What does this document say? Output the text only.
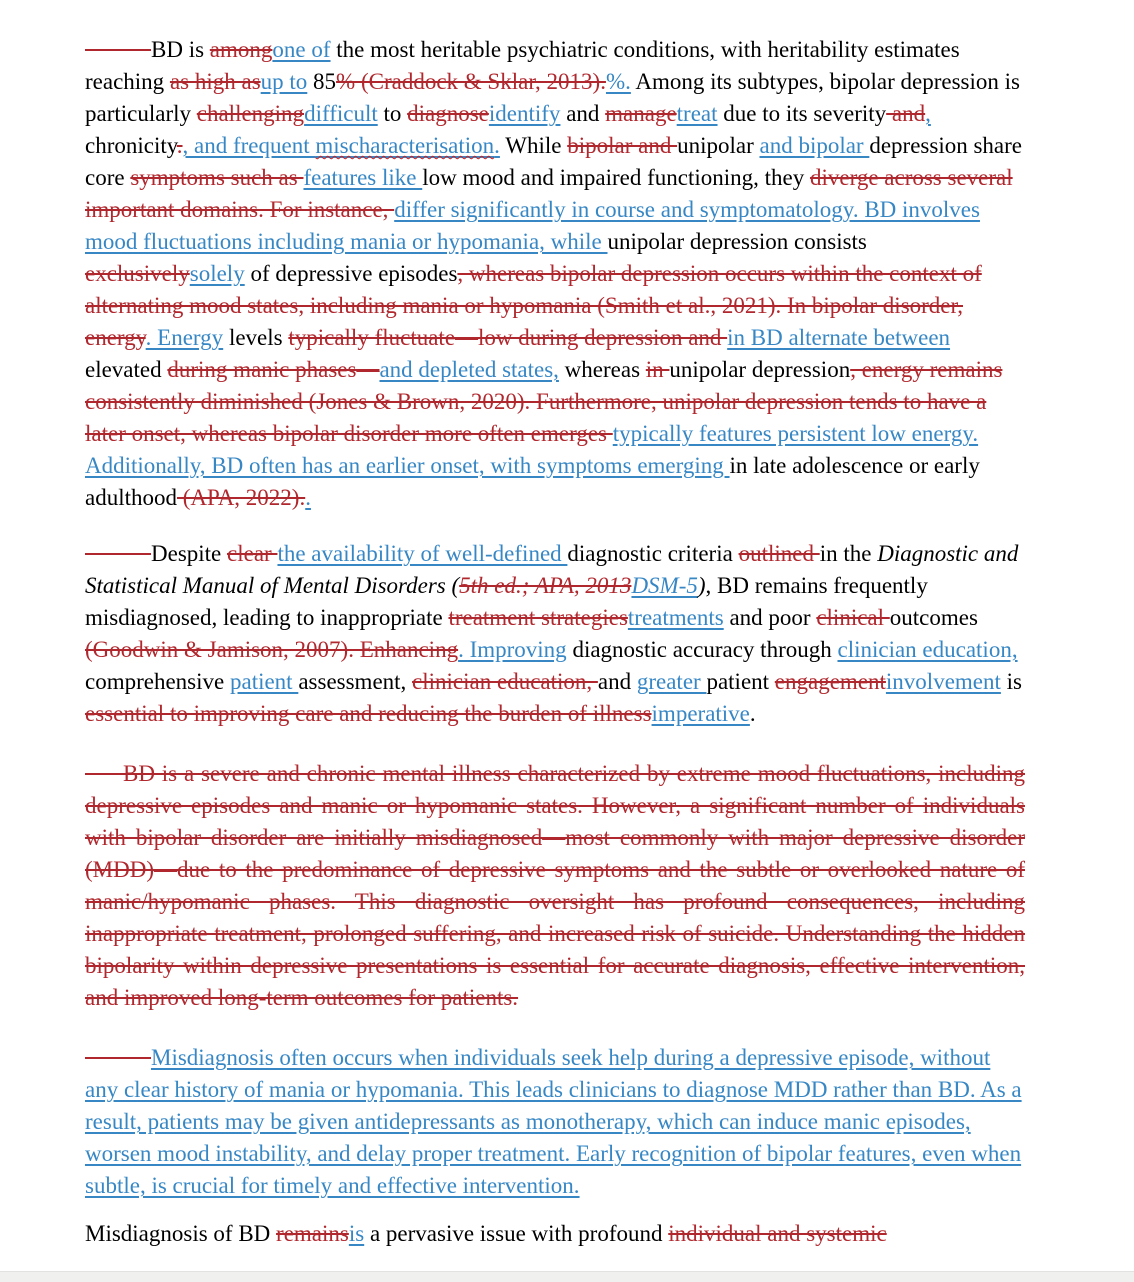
BD is amongone of the most heritable psychiatric conditions, with heritability estimates reaching as high asup to 85% (Craddock & Sklar, 2013).%. Among its subtypes, bipolar depression is particularly challengingdifficult to diagnoseidentify and managetreat due to its severity and, chronicity., and frequent mischaracterisation. While bipolar and unipolar and bipolar depression share core symptoms such as features like low mood and impaired functioning, they diverge across several important domains. For instance, differ significantly in course and symptomatology. BD involves mood fluctuations including mania or hypomania, while unipolar depression consists exclusivelysolely of depressive episodes, whereas bipolar depression occurs within the context of alternating mood states, including mania or hypomania (Smith et al., 2021). In bipolar disorder, energy. Energy levels typically fluctuate—low during depression and in BD alternate between elevated during manic phases—and depleted states, whereas in unipolar depression, energy remains consistently diminished (Jones & Brown, 2020). Furthermore, unipolar depression tends to have a later onset, whereas bipolar disorder more often emerges typically features persistent low energy. Additionally, BD often has an earlier onset, with symptoms emerging in late adolescence or early adulthood (APA, 2022)..

Despite clear the availability of well-defined diagnostic criteria outlined in the Diagnostic and Statistical Manual of Mental Disorders (5th ed.; APA, 2013DSM-5), BD remains frequently misdiagnosed, leading to inappropriate treatment strategiestreatments and poor clinical outcomes (Goodwin & Jamison, 2007). Enhancing. Improving diagnostic accuracy through clinician education, comprehensive patient assessment, clinician education, and greater patient engagementinvolvement is essential to improving care and reducing the burden of illnessimperative.

BD is a severe and chronic mental illness characterized by extreme mood fluctuations, including depressive episodes and manic or hypomanic states. However, a significant number of individuals with bipolar disorder are initially misdiagnosed—most commonly with major depressive disorder (MDD)—due to the predominance of depressive symptoms and the subtle or overlooked nature of manic/hypomanic phases. This diagnostic oversight has profound consequences, including inappropriate treatment, prolonged suffering, and increased risk of suicide. Understanding the hidden bipolarity within depressive presentations is essential for accurate diagnosis, effective intervention, and improved long-term outcomes for patients.

Misdiagnosis often occurs when individuals seek help during a depressive episode, without any clear history of mania or hypomania. This leads clinicians to diagnose MDD rather than BD. As a result, patients may be given antidepressants as monotherapy, which can induce manic episodes, worsen mood instability, and delay proper treatment. Early recognition of bipolar features, even when subtle, is crucial for timely and effective intervention.

Misdiagnosis of BD remainsis a pervasive issue with profound individual and systemic
